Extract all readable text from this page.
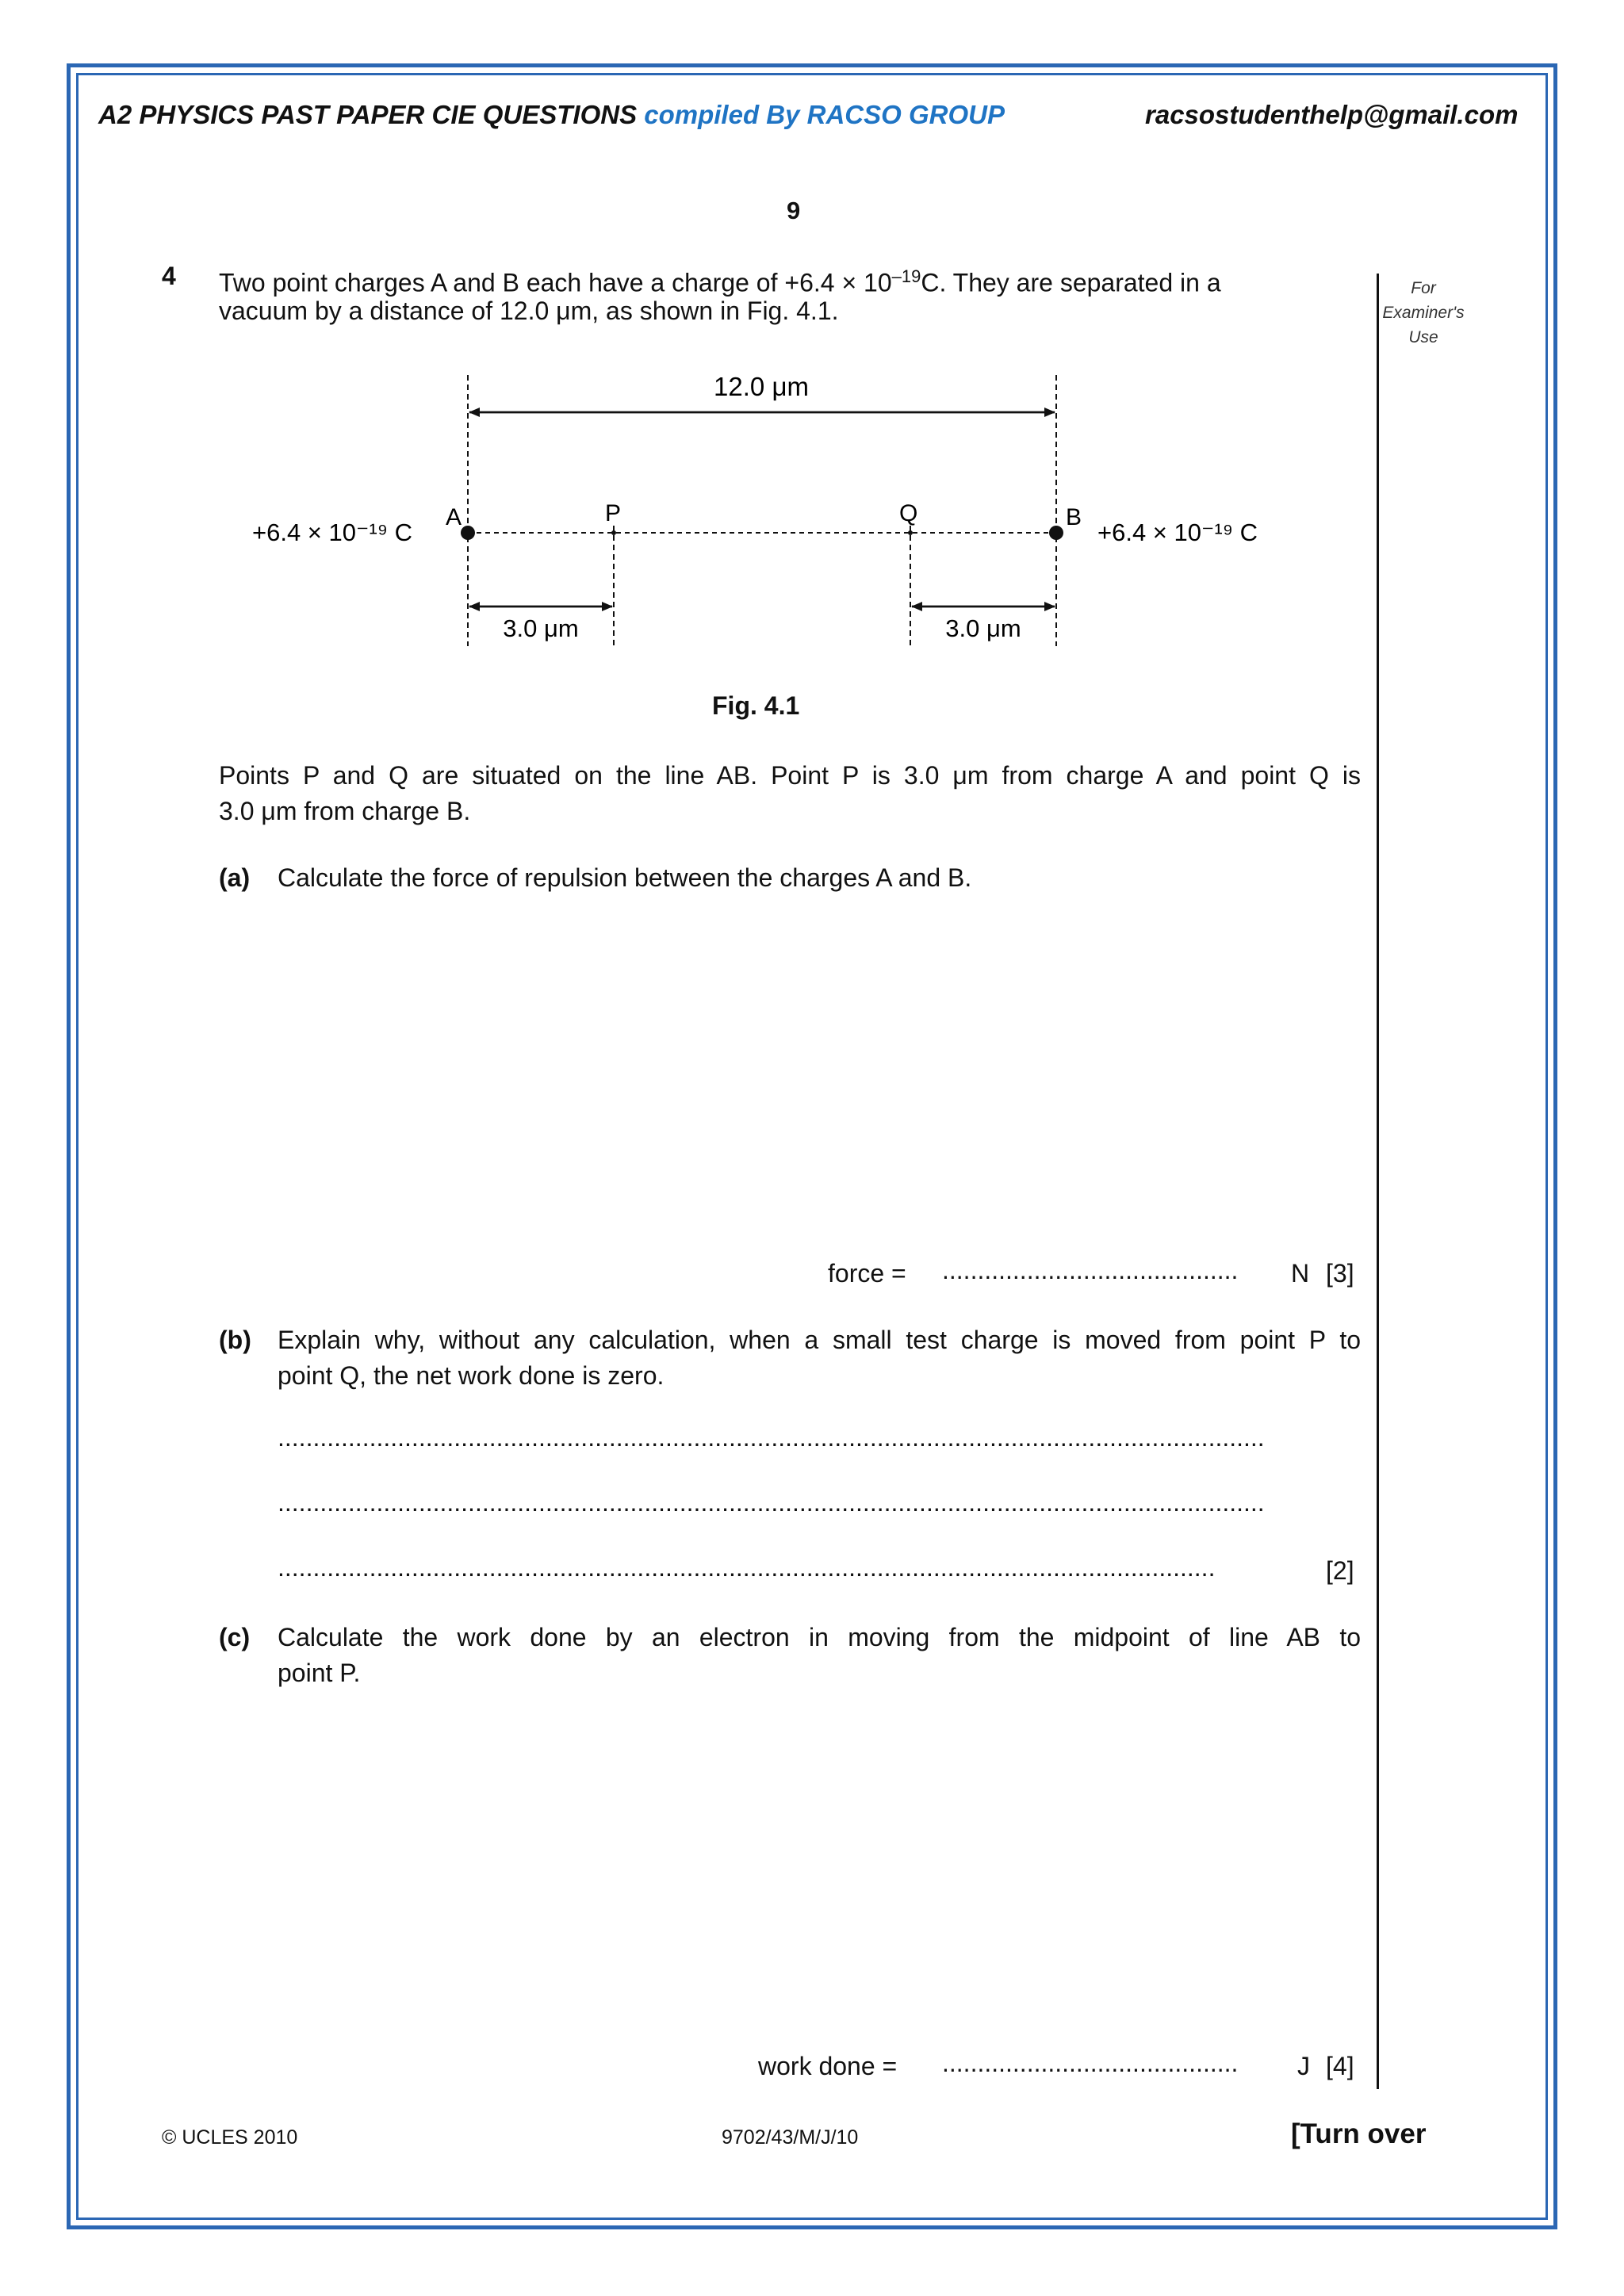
A2 PHYSICS PAST PAPER CIE QUESTIONS compiled By RACSO GROUP	racsostudenthelp@gmail.com
9
4 Two point charges A and B each have a charge of $+6.4 \times 10^{-19}C$. They are separated in a
vacuum by a distance of 12.0 μm, as shown in Fig. 4.1.
For
Examiner's
Use
12.0 μm
A	B
P	Q
+6.4 × 10⁻¹⁹ C	+6.4 × 10⁻¹⁹ C
3.0 μm	3.0 μm
Fig. 4.1
Points P and Q are situated on the line AB. Point P is 3.0 μm from charge A and point Q is
3.0 μm from charge B.
(a) Calculate the force of repulsion between the charges A and B.
force = ..........................................	N [3]
(b) Explain why, without any calculation, when a small test charge is moved from point P to
point Q, the net work done is zero.
............................................................................................................................................
............................................................................................................................................
.....................................................................................................................................	[2]
(c) Calculate the work done by an electron in moving from the midpoint of line AB to
point P.
work done = ..........................................	J [4]
© UCLES 2010	9702/43/M/J/10	[Turn over
